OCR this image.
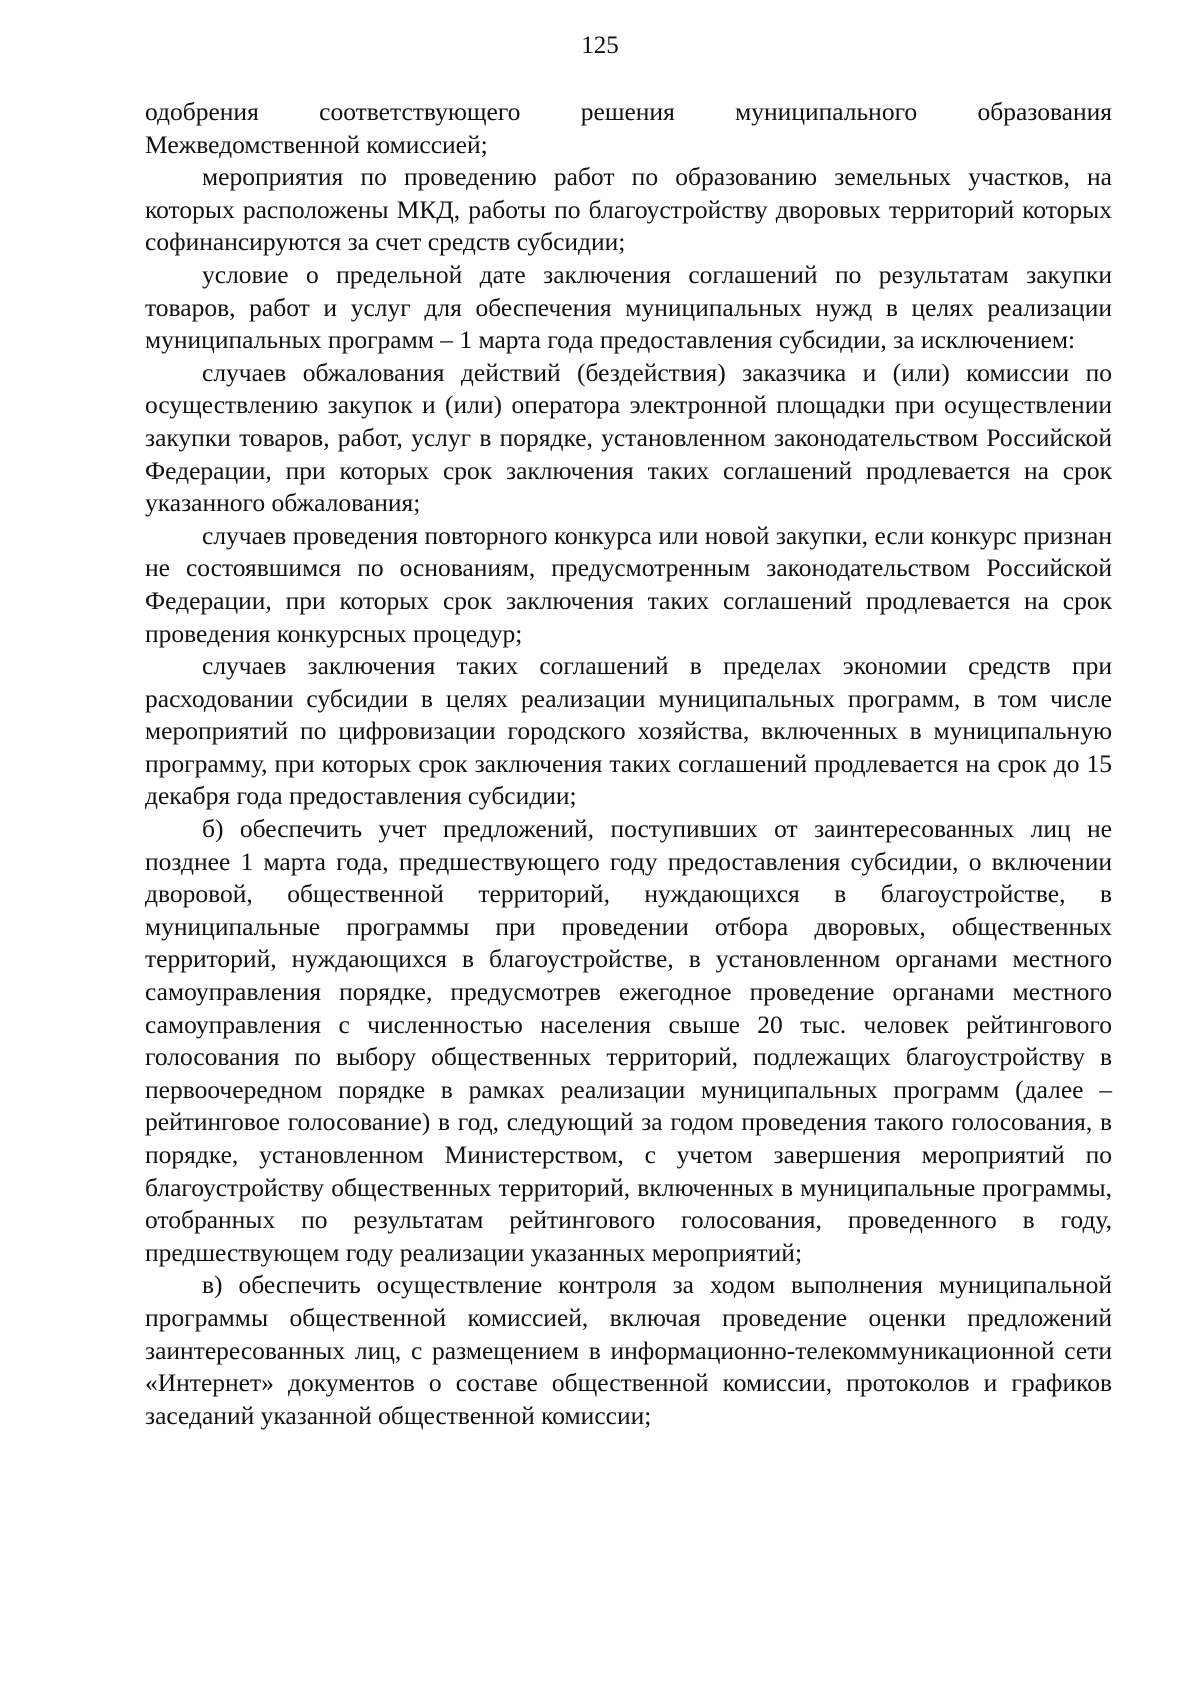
125

одобрения соответствующего решения муниципального образования Межведомственной комиссией;

мероприятия по проведению работ по образованию земельных участков, на которых расположены МКД, работы по благоустройству дворовых территорий которых софинансируются за счет средств субсидии;

условие о предельной дате заключения соглашений по результатам закупки товаров, работ и услуг для обеспечения муниципальных нужд в целях реализации муниципальных программ – 1 марта года предоставления субсидии, за исключением:

случаев обжалования действий (бездействия) заказчика и (или) комиссии по осуществлению закупок и (или) оператора электронной площадки при осуществлении закупки товаров, работ, услуг в порядке, установленном законодательством Российской Федерации, при которых срок заключения таких соглашений продлевается на срок указанного обжалования;

случаев проведения повторного конкурса или новой закупки, если конкурс признан не состоявшимся по основаниям, предусмотренным законодательством Российской Федерации, при которых срок заключения таких соглашений продлевается на срок проведения конкурсных процедур;

случаев заключения таких соглашений в пределах экономии средств при расходовании субсидии в целях реализации муниципальных программ, в том числе мероприятий по цифровизации городского хозяйства, включенных в муниципальную программу, при которых срок заключения таких соглашений продлевается на срок до 15 декабря года предоставления субсидии;

б) обеспечить учет предложений, поступивших от заинтересованных лиц не позднее 1 марта года, предшествующего году предоставления субсидии, о включении дворовой, общественной территорий, нуждающихся в благоустройстве, в муниципальные программы при проведении отбора дворовых, общественных территорий, нуждающихся в благоустройстве, в установленном органами местного самоуправления порядке, предусмотрев ежегодное проведение органами местного самоуправления с численностью населения свыше 20 тыс. человек рейтингового голосования по выбору общественных территорий, подлежащих благоустройству в первоочередном порядке в рамках реализации муниципальных программ (далее – рейтинговое голосование) в год, следующий за годом проведения такого голосования, в порядке, установленном Министерством, с учетом завершения мероприятий по благоустройству общественных территорий, включенных в муниципальные программы, отобранных по результатам рейтингового голосования, проведенного в году, предшествующем году реализации указанных мероприятий;

в) обеспечить осуществление контроля за ходом выполнения муниципальной программы общественной комиссией, включая проведение оценки предложений заинтересованных лиц, с размещением в информационно-телекоммуникационной сети «Интернет» документов о составе общественной комиссии, протоколов и графиков заседаний указанной общественной комиссии;
